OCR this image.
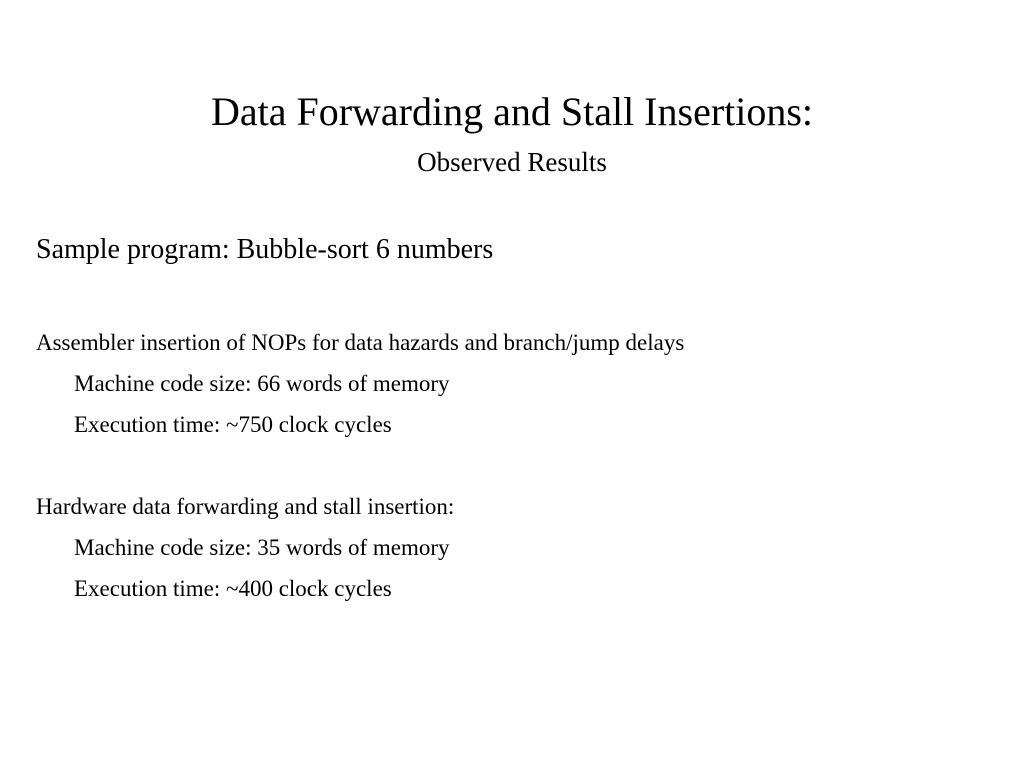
Data Forwarding and Stall Insertions:
Observed Results
Sample program: Bubble-sort 6 numbers
Assembler insertion of NOPs for data hazards and branch/jump delays
Machine code size: 66 words of memory
Execution time: ~750 clock cycles
Hardware data forwarding and stall insertion:
Machine code size: 35 words of memory
Execution time: ~400 clock cycles
